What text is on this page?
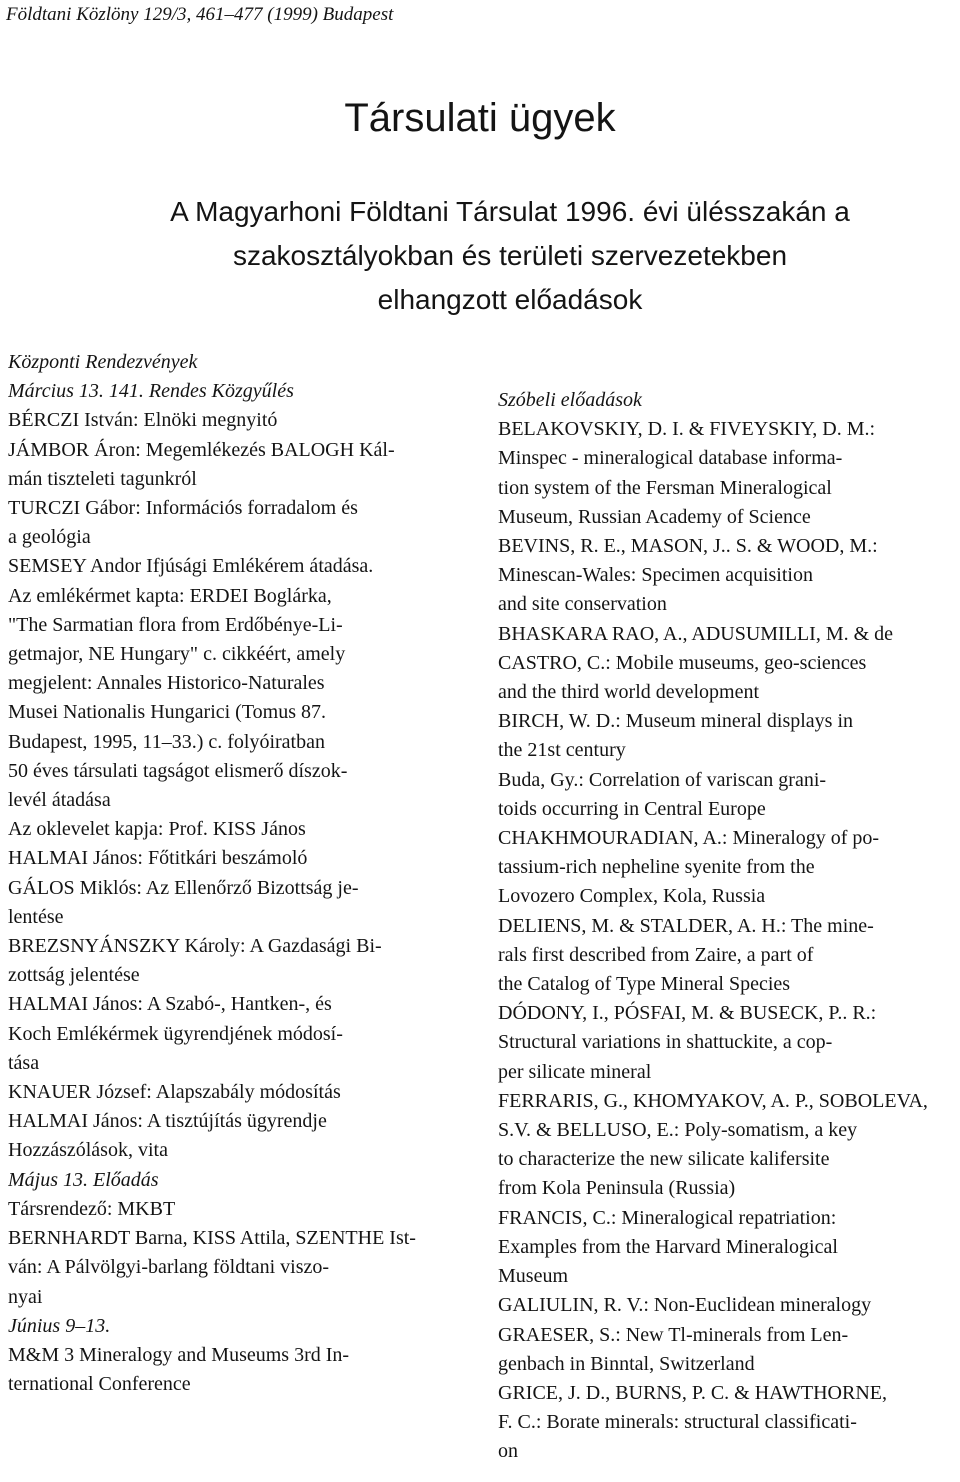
Földtani Közlöny 129/3, 461–477 (1999) Budapest
Társulati ügyek
A Magyarhoni Földtani Társulat 1996. évi ülésszakán a
szakosztályokban és területi szervezetekben
elhangzott előadások
Központi Rendezvények
Március 13. 141. Rendes Közgyűlés
BÉRCZI István: Elnöki megnyitó
JÁMBOR Áron: Megemlékezés BALOGH Kál-
mán tiszteleti tagunkról
TURCZI Gábor: Információs forradalom és
a geológia
SEMSEY Andor Ifjúsági Emlékérem átadása.
Az emlékérmet kapta: ERDEI Boglárka,
"The Sarmatian flora from Erdőbénye-Li-
getmajor, NE Hungary" c. cikkéért, amely
megjelent: Annales Historico-Naturales
Musei Nationalis Hungarici (Tomus 87.
Budapest, 1995, 11–33.) c. folyóiratban
50 éves társulati tagságot elismerő díszok-
levél átadása
Az oklevelet kapja: Prof. KISS János
HALMAI János: Főtitkári beszámoló
GÁLOS Miklós: Az Ellenőrző Bizottság je-
lentése
BREZSNYÁNSZKY Károly: A Gazdasági Bi-
zottság jelentése
HALMAI János: A Szabó-, Hantken-, és
Koch Emlékérmek ügyrendjének módosí-
tása
KNAUER József: Alapszabály módosítás
HALMAI János: A tisztújítás ügyrendje
Hozzászólások, vita
Május 13. Előadás
Társrendező: MKBT
BERNHARDT Barna, KISS Attila, SZENTHE Ist-
ván: A Pálvölgyi-barlang földtani viszo-
nyai
Június 9–13.
M&M 3 Mineralogy and Museums 3rd In-
ternational Conference
Szóbeli előadások
BELAKOVSKIY, D. I. & FIVEYSKIY, D. M.:
Minspec - mineralogical database informa-
tion system of the Fersman Mineralogical
Museum, Russian Academy of Science
BEVINS, R. E., MASON, J.. S. & WOOD, M.:
Minescan-Wales: Specimen acquisition
and site conservation
BHASKARA RAO, A., ADUSUMILLI, M. & de
CASTRO, C.: Mobile museums, geo-sciences
and the third world development
BIRCH, W. D.: Museum mineral displays in
the 21st century
Buda, Gy.: Correlation of variscan grani-
toids occurring in Central Europe
CHAKHMOURADIAN, A.: Mineralogy of po-
tassium-rich nepheline syenite from the
Lovozero Complex, Kola, Russia
DELIENS, M. & STALDER, A. H.: The mine-
rals first described from Zaire, a part of
the Catalog of Type Mineral Species
DÓDONY, I., PÓSFAI, M. & BUSECK, P.. R.:
Structural variations in shattuckite, a cop-
per silicate mineral
FERRARIS, G., KHOMYAKOV, A. P., SOBOLEVA,
S.V. & BELLUSO, E.: Poly-somatism, a key
to characterize the new silicate kalifersite
from Kola Peninsula (Russia)
FRANCIS, C.: Mineralogical repatriation:
Examples from the Harvard Mineralogical
Museum
GALIULIN, R. V.: Non-Euclidean mineralogy
GRAESER, S.: New Tl-minerals from Len-
genbach in Binntal, Switzerland
GRICE, J. D., BURNS, P. C. & HAWTHORNE,
F. C.: Borate minerals: structural classificati-
on
